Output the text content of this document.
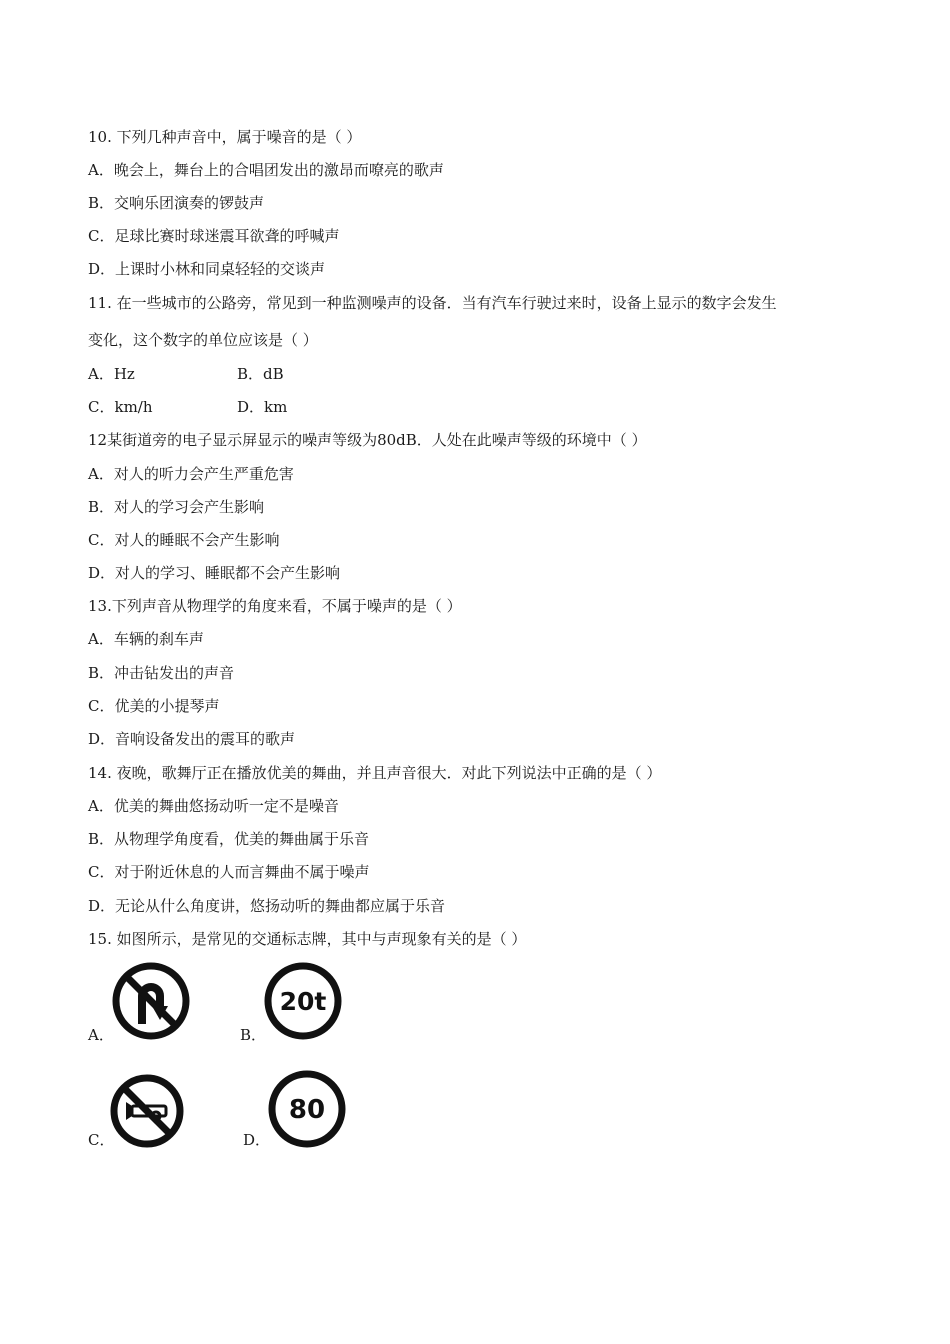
10. 下列几种声音中，属于噪音的是（ ）
A．晚会上，舞台上的合唱团发出的激昂而嘹亮的歌声
B．交响乐团演奏的锣鼓声
C．足球比赛时球迷震耳欲聋的呼喊声
D．上课时小林和同桌轻轻的交谈声
11. 在一些城市的公路旁，常见到一种监测噪声的设备．当有汽车行驶过来时，设备上显示的数字会发生
变化，这个数字的单位应该是（ ）
A．Hz	B．dB
C．km/h	D．km
12某街道旁的电子显示屏显示的噪声等级为80dB．人处在此噪声等级的环境中（ ）
A．对人的听力会产生严重危害
B．对人的学习会产生影响
C．对人的睡眠不会产生影响
D．对人的学习、睡眠都不会产生影响
13.下列声音从物理学的角度来看，不属于噪声的是（ ）
A．车辆的刹车声
B．冲击钻发出的声音
C．优美的小提琴声
D．音响设备发出的震耳的歌声
14. 夜晚，歌舞厅正在播放优美的舞曲，并且声音很大．对此下列说法中正确的是（ ）
A．优美的舞曲悠扬动听一定不是噪音
B．从物理学角度看，优美的舞曲属于乐音
C．对于附近休息的人而言舞曲不属于噪声
D．无论从什么角度讲，悠扬动听的舞曲都应属于乐音
15. 如图所示，是常见的交通标志牌，其中与声现象有关的是（ ）
A．	B．
20t
C．	D．
80
